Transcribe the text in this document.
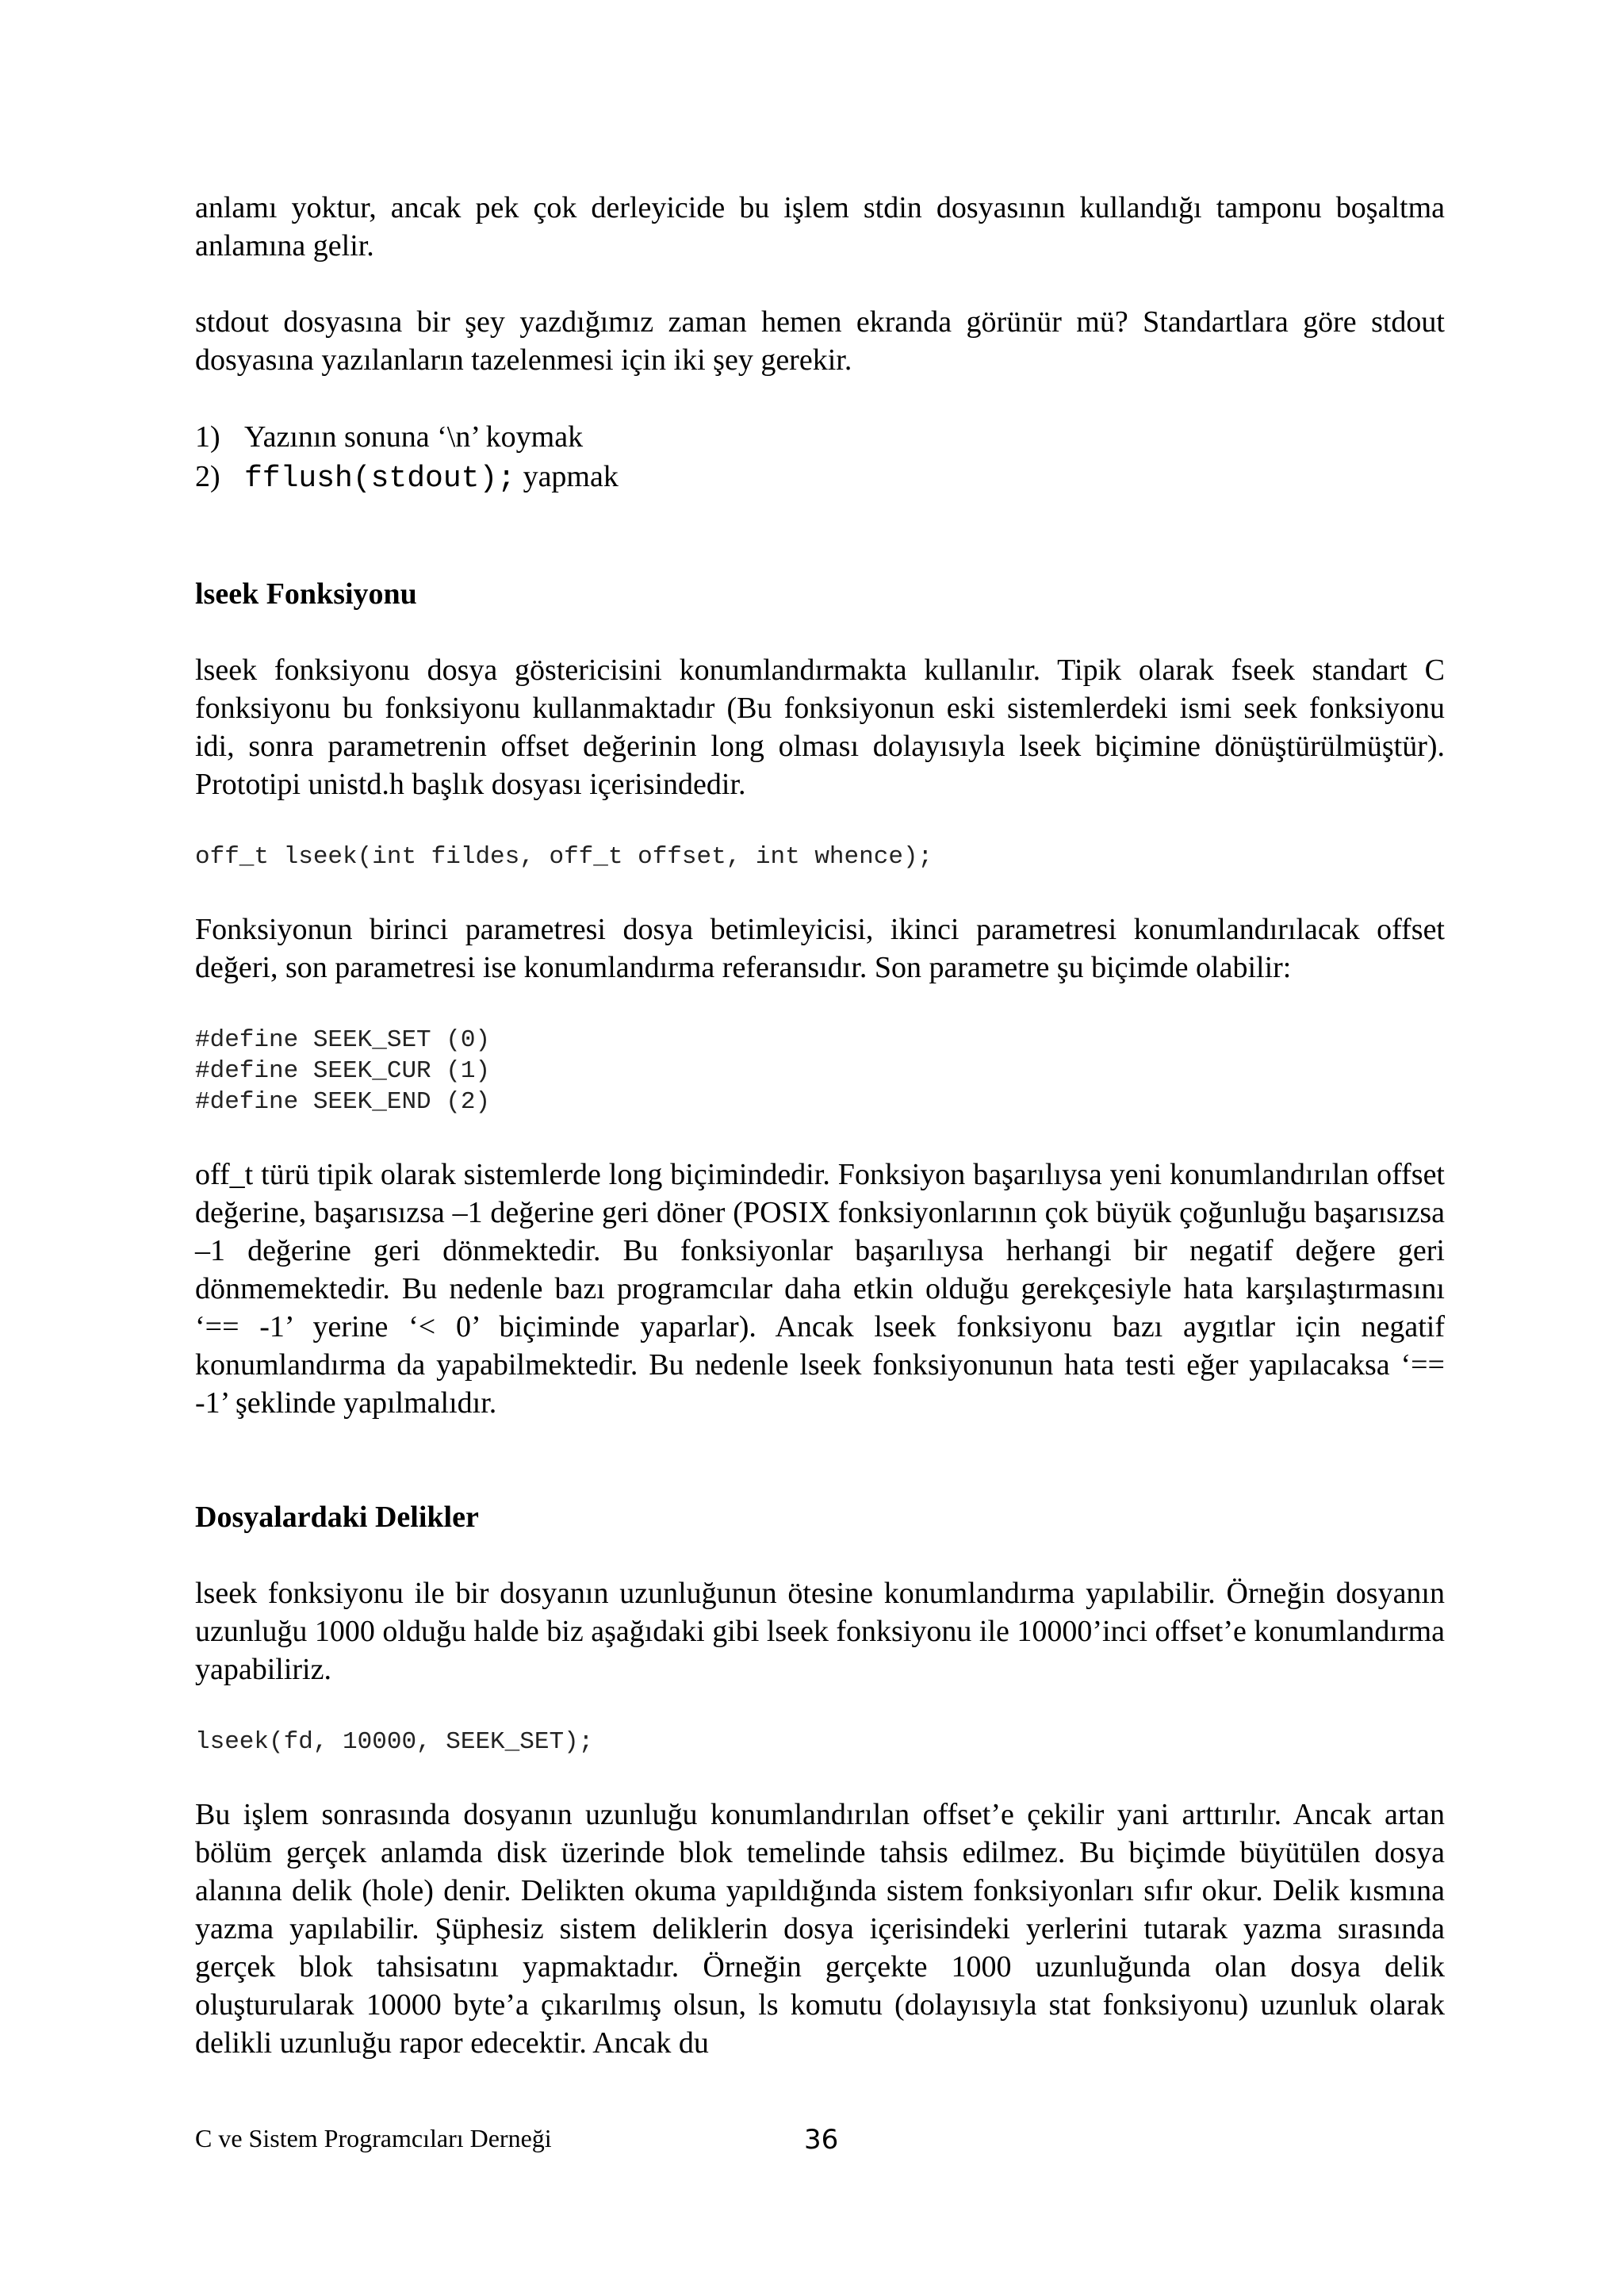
anlamı yoktur, ancak pek çok derleyicide bu işlem stdin dosyasının kullandığı tamponu boşaltma anlamına gelir.

stdout dosyasına bir şey yazdığımız zaman hemen ekranda görünür mü? Standartlara göre stdout dosyasına yazılanların tazelenmesi için iki şey gerekir.

1) Yazının sonuna ‘\n’ koymak
2) fflush(stdout); yapmak
lseek Fonksiyonu

lseek fonksiyonu dosya göstericisini konumlandırmakta kullanılır. Tipik olarak fseek standart C fonksiyonu bu fonksiyonu kullanmaktadır (Bu fonksiyonun eski sistemlerdeki ismi seek fonksiyonu idi, sonra parametrenin offset değerinin long olması dolayısıyla lseek biçimine dönüştürülmüştür). Prototipi unistd.h başlık dosyası içerisindedir.

off_t lseek(int fildes, off_t offset, int whence);

Fonksiyonun birinci parametresi dosya betimleyicisi, ikinci parametresi konumlandırılacak offset değeri, son parametresi ise konumlandırma referansıdır. Son parametre şu biçimde olabilir:

#define SEEK_SET (0)
#define SEEK_CUR (1)
#define SEEK_END (2)

off_t türü tipik olarak sistemlerde long biçimindedir. Fonksiyon başarılıysa yeni konumlandırılan offset değerine, başarısızsa –1 değerine geri döner (POSIX fonksiyonlarının çok büyük çoğunluğu başarısızsa –1 değerine geri dönmektedir. Bu fonksiyonlar başarılıysa herhangi bir negatif değere geri dönmemektedir. Bu nedenle bazı programcılar daha etkin olduğu gerekçesiyle hata karşılaştırmasını ‘== -1’ yerine ‘< 0’ biçiminde yaparlar). Ancak lseek fonksiyonu bazı aygıtlar için negatif konumlandırma da yapabilmektedir. Bu nedenle lseek fonksiyonunun hata testi eğer yapılacaksa ‘== -1’ şeklinde yapılmalıdır.

Dosyalardaki Delikler

lseek fonksiyonu ile bir dosyanın uzunluğunun ötesine konumlandırma yapılabilir. Örneğin dosyanın uzunluğu 1000 olduğu halde biz aşağıdaki gibi lseek fonksiyonu ile 10000’inci offset’e konumlandırma yapabiliriz.

lseek(fd, 10000, SEEK_SET);

Bu işlem sonrasında dosyanın uzunluğu konumlandırılan offset’e çekilir yani arttırılır. Ancak artan bölüm gerçek anlamda disk üzerinde blok temelinde tahsis edilmez. Bu biçimde büyütülen dosya alanına delik (hole) denir. Delikten okuma yapıldığında sistem fonksiyonları sıfır okur. Delik kısmına yazma yapılabilir. Şüphesiz sistem deliklerin dosya içerisindeki yerlerini tutarak yazma sırasında gerçek blok tahsisatını yapmaktadır. Örneğin gerçekte 1000 uzunluğunda olan dosya delik oluşturularak 10000 byte’a çıkarılmış olsun, ls komutu (dolayısıyla stat fonksiyonu) uzunluk olarak delikli uzunluğu rapor edecektir. Ancak du

C ve Sistem Programcıları Derneği	36
